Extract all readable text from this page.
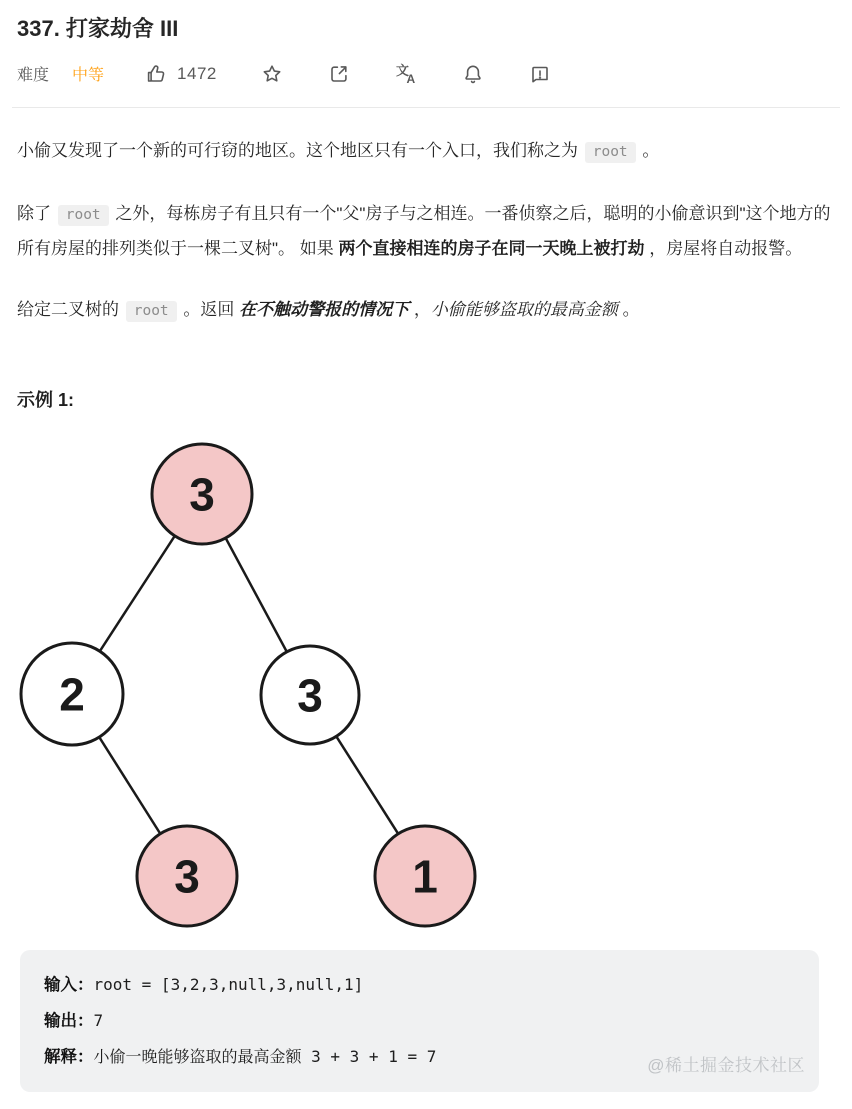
337. 打家劫舍 III
难度 中等	1472	文
A

小偷又发现了一个新的可行窃的地区。这个地区只有一个入口，我们称之为 root 。

除了 root 之外，每栋房子有且只有一个"父"房子与之相连。一番侦察之后，聪明的小偷意识到"这个地方的所有房屋的排列类似于一棵二叉树"。 如果 两个直接相连的房子在同一天晚上被打劫 ，房屋将自动报警。

给定二叉树的 root 。返回 在不触动警报的情况下 ，小偷能够盗取的最高金额 。

示例 1:
3
2	3
3	1
输入：root = [3,2,3,null,3,null,1]
输出：7
解释：小偷一晚能够盗取的最高金额 3 + 3 + 1 = 7	@稀土掘金技术社区
